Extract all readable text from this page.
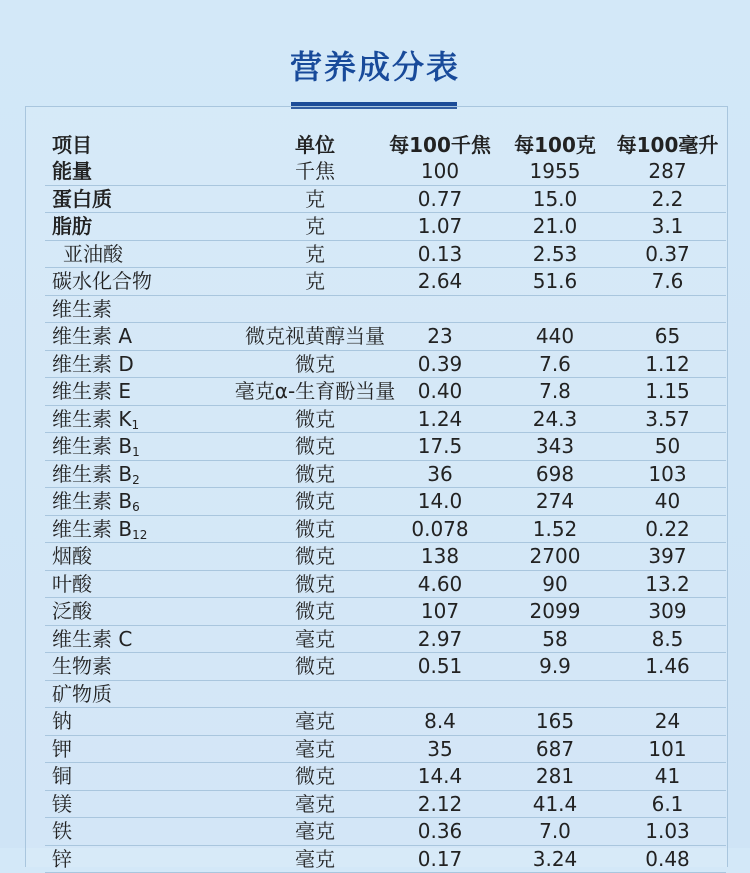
营养成分表
项目	单位	每100千焦	每100克	每100毫升
能量	千焦	100	1955	287
蛋白质	克	0.77	15.0	2.2
脂肪	克	1.07	21.0	3.1
亚油酸	克	0.13	2.53	0.37
碳水化合物	克	2.64	51.6	7.6
维生素
维生素 A	微克视黄醇当量	23	440	65
维生素 D	微克	0.39	7.6	1.12
维生素 E	毫克α-生育酚当量	0.40	7.8	1.15
维生素 $K_1$	微克	1.24	24.3	3.57
维生素 $B_1$	微克	17.5	343	50
维生素 $B_2$	微克	36	698	103
维生素 $B_6$	微克	14.0	274	40
维生素 $B_{12}$	微克	0.078	1.52	0.22
烟酸	微克	138	2700	397
叶酸	微克	4.60	90	13.2
泛酸	微克	107	2099	309
维生素 C	毫克	2.97	58	8.5
生物素	微克	0.51	9.9	1.46
矿物质
钠	毫克	8.4	165	24
钾	毫克	35	687	101
铜	微克	14.4	281	41
镁	毫克	2.12	41.4	6.1
铁	毫克	0.36	7.0	1.03
锌	毫克	0.17	3.24	0.48
